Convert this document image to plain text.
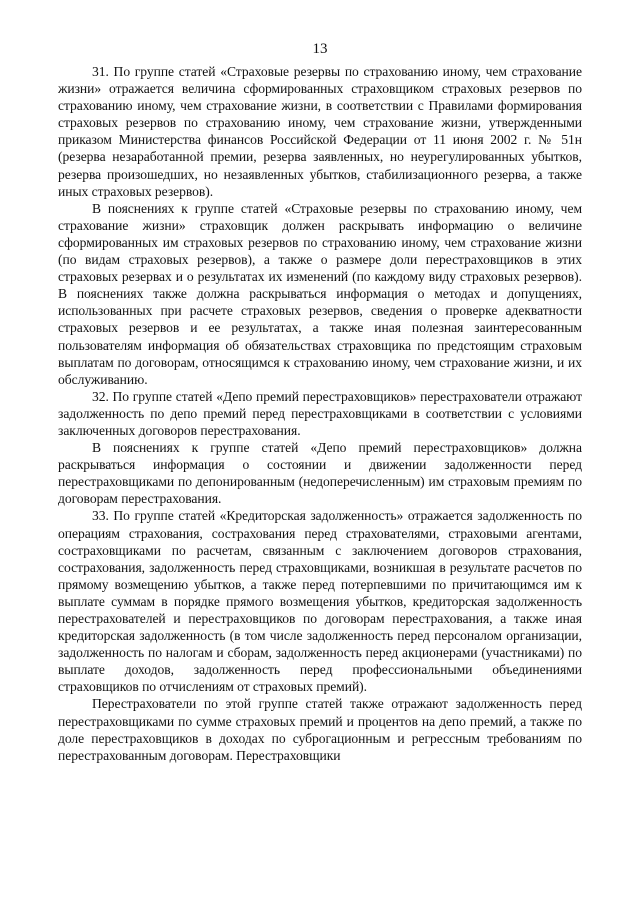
13

31. По группе статей «Страховые резервы по страхованию иному, чем страхование жизни» отражается величина сформированных страховщиком страховых резервов по страхованию иному, чем страхование жизни, в соответствии с Правилами формирования страховых резервов по страхованию иному, чем страхование жизни, утвержденными приказом Министерства финансов Российской Федерации от 11 июня 2002 г. № 51н (резерва незаработанной премии, резерва заявленных, но неурегулированных убытков, резерва произошедших, но незаявленных убытков, стабилизационного резерва, а также иных страховых резервов).

В пояснениях к группе статей «Страховые резервы по страхованию иному, чем страхование жизни» страховщик должен раскрывать информацию о величине сформированных им страховых резервов по страхованию иному, чем страхование жизни (по видам страховых резервов), а также о размере доли перестраховщиков в этих страховых резервах и о результатах их изменений (по каждому виду страховых резервов). В пояснениях также должна раскрываться информация о методах и допущениях, использованных при расчете страховых резервов, сведения о проверке адекватности страховых резервов и ее результатах, а также иная полезная заинтересованным пользователям информация об обязательствах страховщика по предстоящим страховым выплатам по договорам, относящимся к страхованию иному, чем страхование жизни, и их обслуживанию.

32. По группе статей «Депо премий перестраховщиков» перестрахователи отражают задолженность по депо премий перед перестраховщиками в соответствии с условиями заключенных договоров перестрахования.

В пояснениях к группе статей «Депо премий перестраховщиков» должна раскрываться информация о состоянии и движении задолженности перед перестраховщиками по депонированным (недоперечисленным) им страховым премиям по договорам перестрахования.

33. По группе статей «Кредиторская задолженность» отражается задолженность по операциям страхования, сострахования перед страхователями, страховыми агентами, состраховщиками по расчетам, связанным с заключением договоров страхования, сострахования, задолженность перед страховщиками, возникшая в результате расчетов по прямому возмещению убытков, а также перед потерпевшими по причитающимся им к выплате суммам в порядке прямого возмещения убытков, кредиторская задолженность перестрахователей и перестраховщиков по договорам перестрахования, а также иная кредиторская задолженность (в том числе задолженность перед персоналом организации, задолженность по налогам и сборам, задолженность перед акционерами (участниками) по выплате доходов, задолженность перед профессиональными объединениями страховщиков по отчислениям от страховых премий).

Перестрахователи по этой группе статей также отражают задолженность перед перестраховщиками по сумме страховых премий и процентов на депо премий, а также по доле перестраховщиков в доходах по суброгационным и регрессным требованиям по перестрахованным договорам. Перестраховщики
